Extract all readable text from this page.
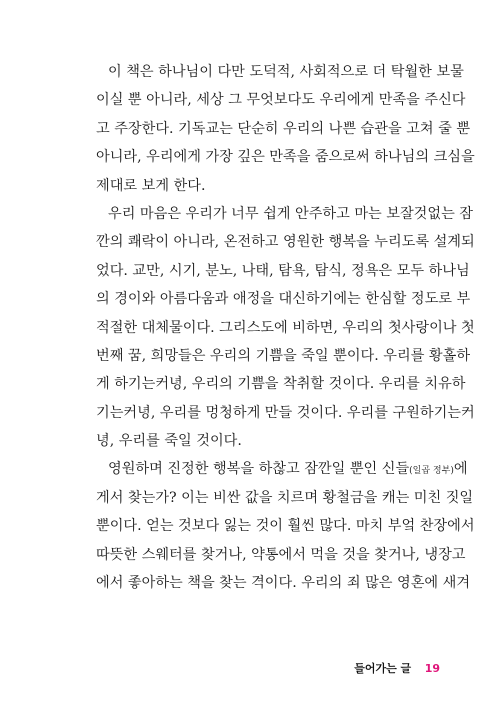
이 책은 하나님이 다만 도덕적, 사회적으로 더 탁월한 보물
이실 뿐 아니라, 세상 그 무엇보다도 우리에게 만족을 주신다
고 주장한다. 기독교는 단순히 우리의 나쁜 습관을 고쳐 줄 뿐
아니라, 우리에게 가장 깊은 만족을 줌으로써 하나님의 크심을
제대로 보게 한다.
우리 마음은 우리가 너무 쉽게 안주하고 마는 보잘것없는 잠
깐의 쾌락이 아니라, 온전하고 영원한 행복을 누리도록 설계되
었다. 교만, 시기, 분노, 나태, 탐욕, 탐식, 정욕은 모두 하나님
의 경이와 아름다움과 애정을 대신하기에는 한심할 정도로 부
적절한 대체물이다. 그리스도에 비하면, 우리의 첫사랑이나 첫
번째 꿈, 희망들은 우리의 기쁨을 죽일 뿐이다. 우리를 황홀하
게 하기는커녕, 우리의 기쁨을 착취할 것이다. 우리를 치유하
기는커녕, 우리를 멍청하게 만들 것이다. 우리를 구원하기는커
녕, 우리를 죽일 것이다.
영원하며 진정한 행복을 하찮고 잠깐일 뿐인 신들(일곱 정부)에
게서 찾는가? 이는 비싼 값을 치르며 황철금을 캐는 미친 짓일
뿐이다. 얻는 것보다 잃는 것이 훨씬 많다. 마치 부엌 찬장에서
따뜻한 스웨터를 찾거나, 약통에서 먹을 것을 찾거나, 냉장고
에서 좋아하는 책을 찾는 격이다. 우리의 죄 많은 영혼에 새겨
들어가는 글 19
